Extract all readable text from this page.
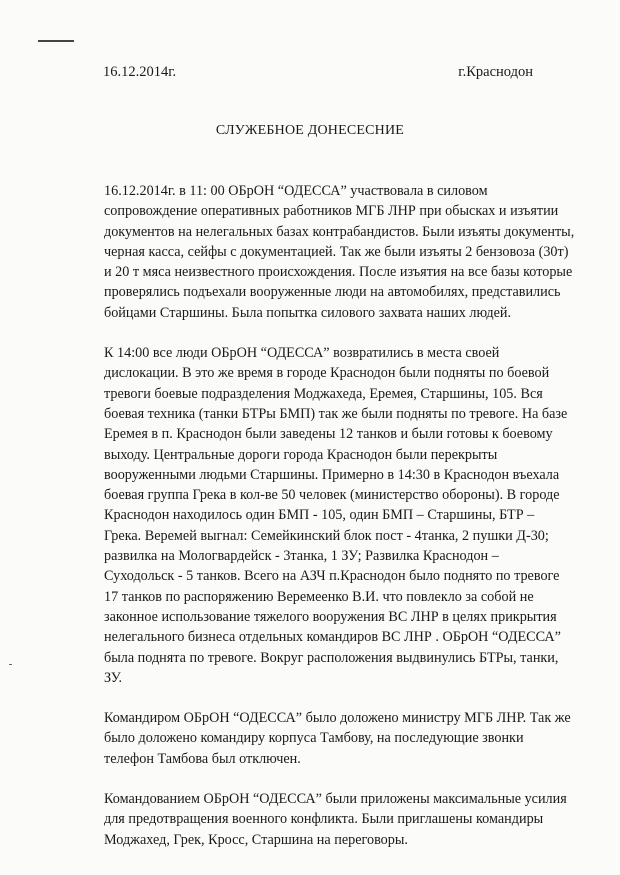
16.12.2014г.	г.Краснодон
СЛУЖЕБНОЕ ДОНЕСЕСНИЕ

16.12.2014г. в 11: 00 ОБрОН “ОДЕССА” участвовала в силовом
сопровождение оперативных работников МГБ ЛНР при обысках и изъятии
документов на нелегальных базах контрабандистов. Были изъяты документы,
черная касса, сейфы с документацией. Так же были изъяты 2 бензовоза (30т)
и 20 т мяса неизвестного происхождения. После изъятия на все базы которые
проверялись подъехали вооруженные люди на автомобилях, представились
бойцами Старшины. Была попытка силового захвата наших людей.

К 14:00 все люди ОБрОН “ОДЕССА” возвратились в места своей
дислокации. В это же время в городе Краснодон были подняты по боевой
тревоги боевые подразделения Моджахеда, Еремея, Старшины, 105. Вся
боевая техника (танки БТРы БМП) так же были подняты по тревоге. На базе
Еремея в п. Краснодон были заведены 12 танков и были готовы к боевому
выходу. Центральные дороги города Краснодон были перекрыты
вооруженными людьми Старшины. Примерно в 14:30 в Краснодон въехала
боевая группа Грека в кол-ве 50 человек (министерство обороны). В городе
Краснодон находилось один БМП - 105, один БМП – Старшины, БТР –
Грека. Веремей выгнал: Семейкинский блок пост - 4танка, 2 пушки Д-30;
развилка на Мологвардейск - 3танка, 1 ЗУ; Развилка Краснодон –
Суходольск - 5 танков. Всего на АЗЧ п.Краснодон было поднято по тревоге
17 танков по распоряжению Веремеенко В.И. что повлекло за собой не
законное использование тяжелого вооружения ВС ЛНР в целях прикрытия
нелегального бизнеса отдельных командиров ВС ЛНР . ОБрОН “ОДЕССА”
была поднята по тревоге. Вокруг расположения выдвинулись БТРы, танки,
ЗУ.

Командиром ОБрОН “ОДЕССА” было доложено министру МГБ ЛНР. Так же
было доложено командиру корпуса Тамбову, на последующие звонки
телефон Тамбова был отключен.

Командованием ОБрОН “ОДЕССА” были приложены максимальные усилия
для предотвращения военного конфликта. Были приглашены командиры
Моджахед, Грек, Кросс, Старшина на переговоры.
